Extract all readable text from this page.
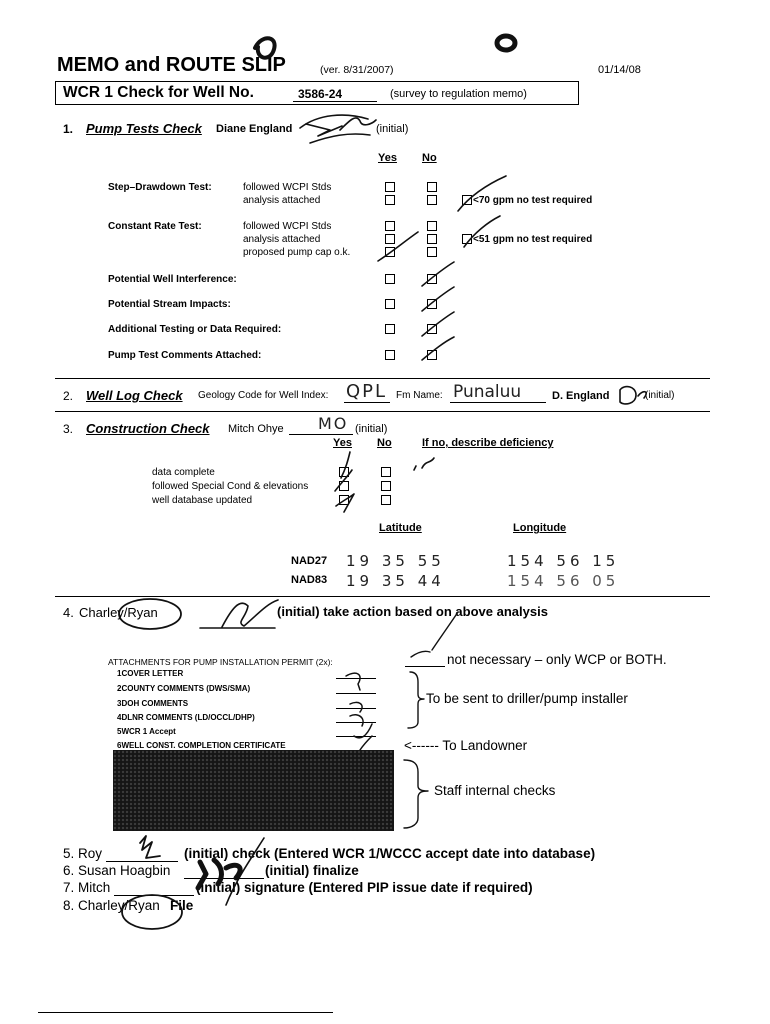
MEMO and ROUTE SLIP	(ver. 8/31/2007)	01/14/08
WCR 1 Check for Well No.	3586-24	(survey to regulation memo)
1. Pump Tests Check Diane England	(initial)
Yes No
Step–Drawdown Test:	followed WCPI Stds
analysis attached	<70 gpm no test required
Constant Rate Test:	followed WCPI Stds
analysis attached
proposed pump cap o.k.
<51 gpm no test required
Potential Well Interference:
Potential Stream Impacts:
Additional Testing or Data Required:
Pump Test Comments Attached:
2. Well Log Check Geology Code for Well Index: QPL Fm Name: Punaluu	D. England	(initial)
3. Construction Check Mitch Ohye MO (initial)
Yes No	If no, describe deficiency
data complete
followed Special Cond & elevations
well database updated
Latitude	Longitude
NAD27 19 35 55	154 56 15
NAD83 19 35 44	154 56 05
4. Charley/Ryan	(initial) take action based on above analysis
ATTACHMENTS FOR PUMP INSTALLATION PERMIT (2x):	not necessary – only WCP or BOTH.
1COVER LETTER
2COUNTY COMMENTS (DWS/SMA)
3DOH COMMENTS
4DLNR COMMENTS (LD/OCCL/DHP)
5WCR 1 Accept
6WELL CONST. COMPLETION CERTIFICATE
To be sent to driller/pump installer
<------ To Landowner
Staff internal checks
5. Roy	(initial) check (Entered WCR 1/WCCC accept date into database)
6. Susan Hoagbin	(initial) finalize
7. Mitch	(initial) signature (Entered PIP issue date if required)
8. Charley/Ryan File
